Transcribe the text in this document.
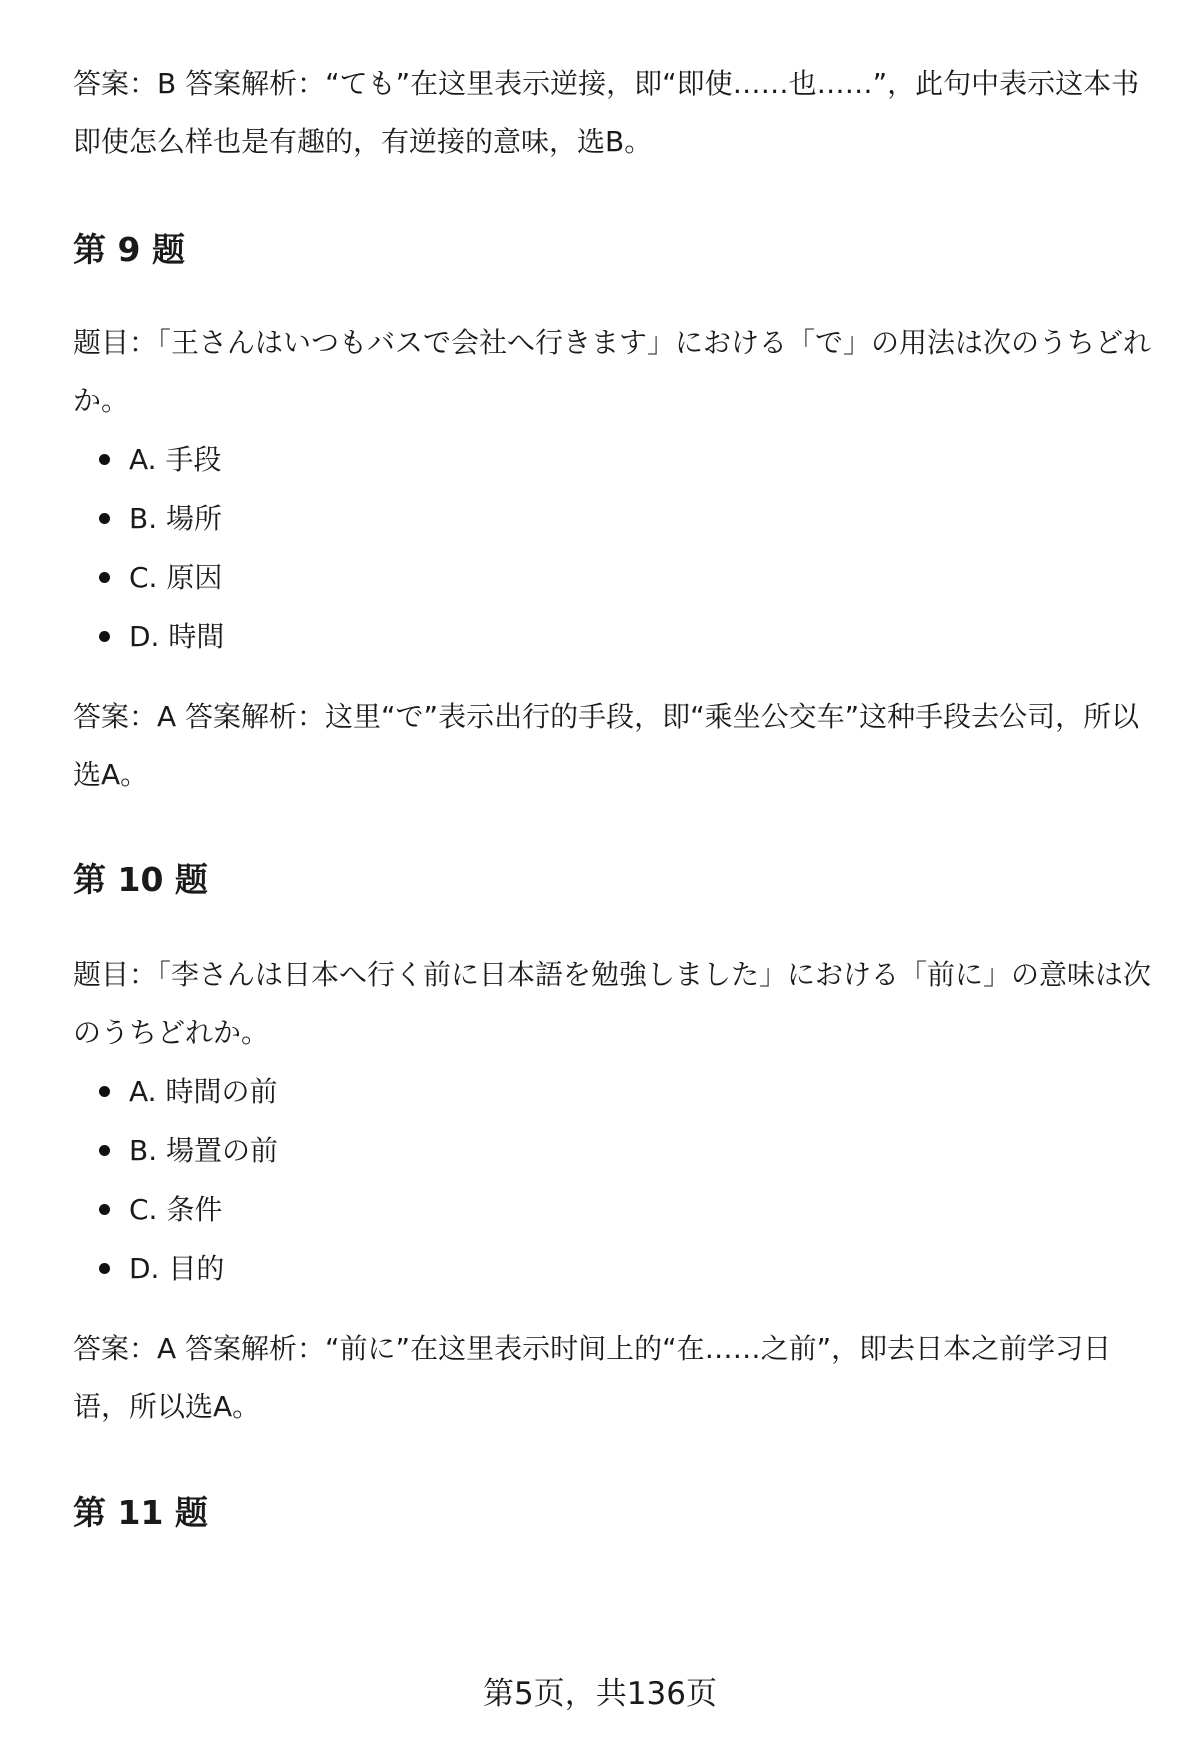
答案：B 答案解析：“ても”在这里表示逆接，即“即使……也……”，此句中表示这本书即使怎么样也是有趣的，有逆接的意味，选B。

第 9 题

题目：「王さんはいつもバスで会社へ行きます」における「で」の用法は次のうちどれか。

A. 手段
B. 場所
C. 原因
D. 時間

答案：A 答案解析：这里“で”表示出行的手段，即“乘坐公交车”这种手段去公司，所以选A。

第 10 题

题目：「李さんは日本へ行く前に日本語を勉強しました」における「前に」の意味は次のうちどれか。

A. 時間の前
B. 場置の前
C. 条件
D. 目的

答案：A 答案解析：“前に”在这里表示时间上的“在……之前”，即去日本之前学习日语，所以选A。

第 11 题
第5页，共136页
